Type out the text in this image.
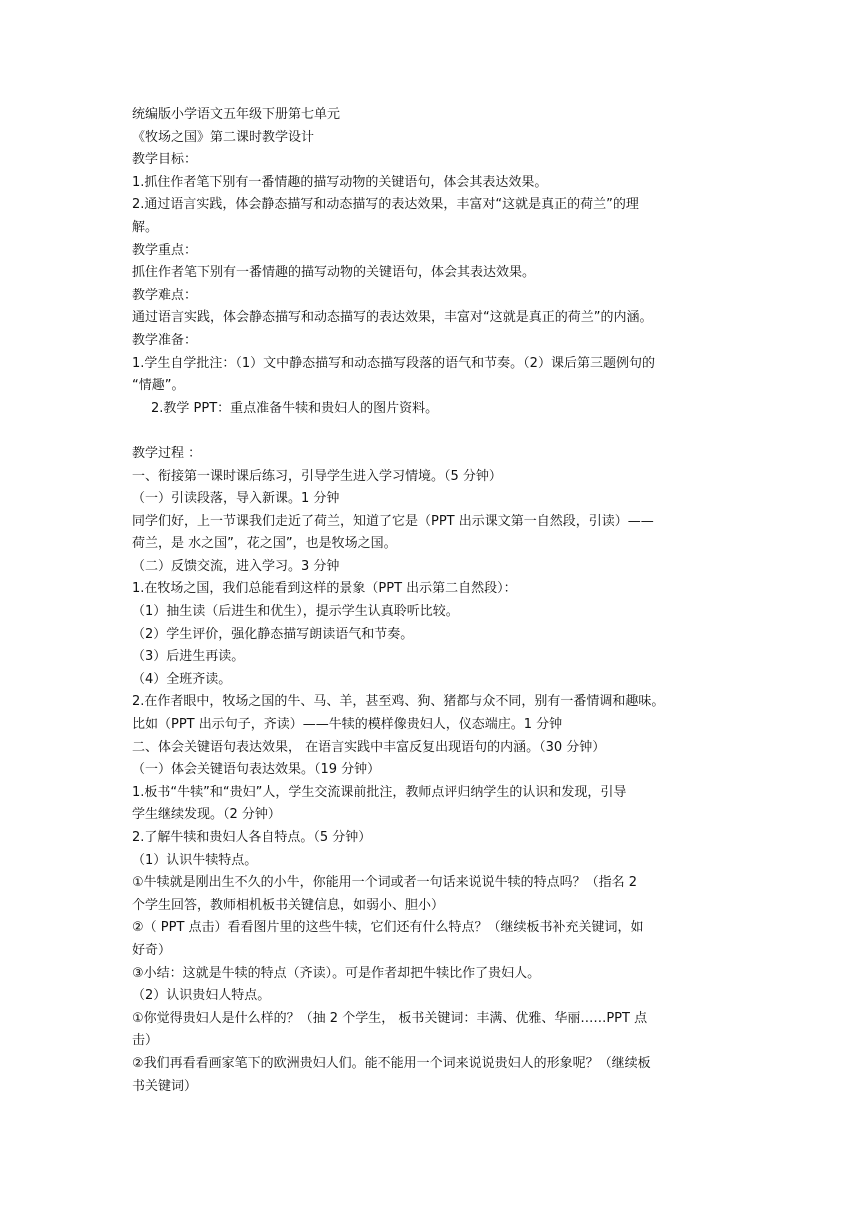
统编版小学语文五年级下册第七单元
《牧场之国》第二课时教学设计
教学目标：
1.抓住作者笔下别有一番情趣的描写动物的关键语句，体会其表达效果。
2.通过语言实践，体会静态描写和动态描写的表达效果，丰富对“这就是真正的荷兰”的理
解。
教学重点：
抓住作者笔下别有一番情趣的描写动物的关键语句，体会其表达效果。
教学难点：
通过语言实践，体会静态描写和动态描写的表达效果，丰富对“这就是真正的荷兰”的内涵。
教学准备：
1.学生自学批注：（1）文中静态描写和动态描写段落的语气和节奏。（2）课后第三题例句的
“情趣”。
2.教学 PPT：重点准备牛犊和贵妇人的图片资料。
教学过程 ：
一、衔接第一课时课后练习，引导学生进入学习情境。（5 分钟）
（一）引读段落，导入新课。1 分钟
同学们好，上一节课我们走近了荷兰，知道了它是（PPT 出示课文第一自然段，引读）——
荷兰，是 水之国”，花之国”，也是牧场之国。
（二）反馈交流，进入学习。3 分钟
1.在牧场之国，我们总能看到这样的景象（PPT 出示第二自然段）：
（1）抽生读（后进生和优生），提示学生认真聆听比较。
（2）学生评价，强化静态描写朗读语气和节奏。
（3）后进生再读。
（4）全班齐读。
2.在作者眼中，牧场之国的牛、马、羊，甚至鸡、狗、猪都与众不同，别有一番情调和趣味。
比如（PPT 出示句子，齐读）——牛犊的模样像贵妇人，仪态端庄。1 分钟
二、体会关键语句表达效果， 在语言实践中丰富反复出现语句的内涵。（30 分钟）
（一）体会关键语句表达效果。（19 分钟）
1.板书“牛犊”和“贵妇”人，学生交流课前批注，教师点评归纳学生的认识和发现，引导
学生继续发现。（2 分钟）
2.了解牛犊和贵妇人各自特点。（5 分钟）
（1）认识牛犊特点。
①牛犊就是刚出生不久的小牛，你能用一个词或者一句话来说说牛犊的特点吗？（指名 2
个学生回答，教师相机板书关键信息，如弱小、胆小）
②（ PPT 点击）看看图片里的这些牛犊，它们还有什么特点？（继续板书补充关键词，如
好奇）
③小结：这就是牛犊的特点（齐读）。可是作者却把牛犊比作了贵妇人。
（2）认识贵妇人特点。
①你觉得贵妇人是什么样的？（抽 2 个学生， 板书关键词：丰满、优雅、华丽……PPT 点
击）
②我们再看看画家笔下的欧洲贵妇人们。能不能用一个词来说说贵妇人的形象呢？（继续板
书关键词）
